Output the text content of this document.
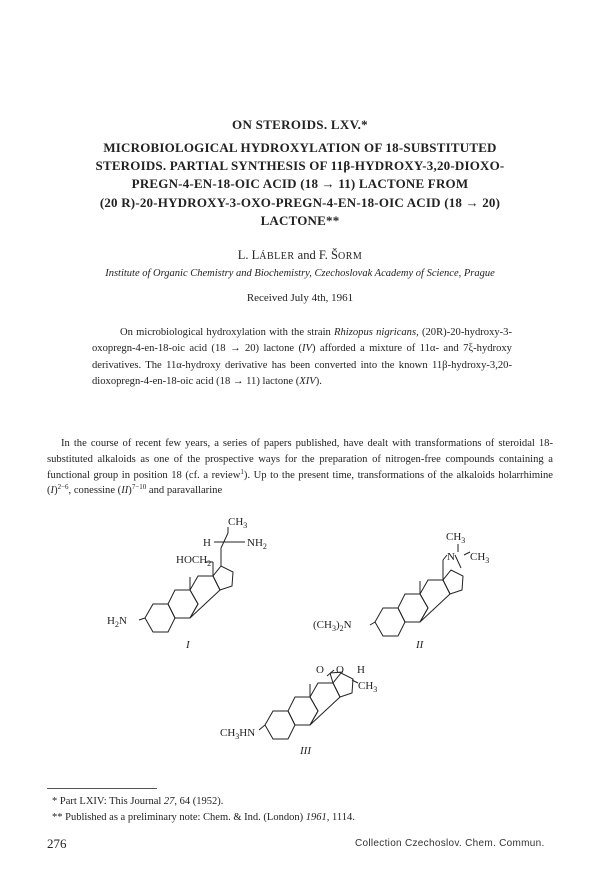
ON STEROIDS. LXV.*
MICROBIOLOGICAL HYDROXYLATION OF 18-SUBSTITUTED
STEROIDS. PARTIAL SYNTHESIS OF 11β-HYDROXY-3,20-DIOXO-
PREGN-4-EN-18-OIC ACID (18 → 11) LACTONE FROM
(20 R)-20-HYDROXY-3-OXO-PREGN-4-EN-18-OIC ACID (18 → 20)
LACTONE**
L. LÁBLER and F. ŠORM
Institute of Organic Chemistry and Biochemistry, Czechoslovak Academy of Science, Prague
Received July 4th, 1961

On microbiological hydroxylation with the strain Rhizopus nigricans, (20R)-20-hydroxy-3-oxopregn-4-en-18-oic acid (18 → 20) lactone (IV) afforded a mixture of 11α- and 7ξ-hydroxy derivatives. The 11α-hydroxy derivative has been converted into the known 11β-hydroxy-3,20-dioxopregn-4-en-18-oic acid (18 → 11) lactone (XIV).

In the course of recent few years, a series of papers published, have dealt with transformations of steroidal 18-substituted alkaloids as one of the prospective ways for the preparation of nitrogen-free compounds containing a functional group in position 18 (cf. a review$^1$). Up to the present time, transformations of the alkaloids holarrhimine $(I)^{2-6}$, conessine (II)$^{7-10}$ and paravallarine

$CH_3$
H	$NH_2$
$HOCH_2$
$H_2N$
I
$CH_3$
N $CH_3$
$(CH_3)_2N$
II
O O H
$CH_3$
$CH_3HN$
III
* Part LXIV: This Journal 27, 64 (1952).
** Published as a preliminary note: Chem. & Ind. (London) 1961, 1114.
276	Collection Czechoslov. Chem. Commun.
